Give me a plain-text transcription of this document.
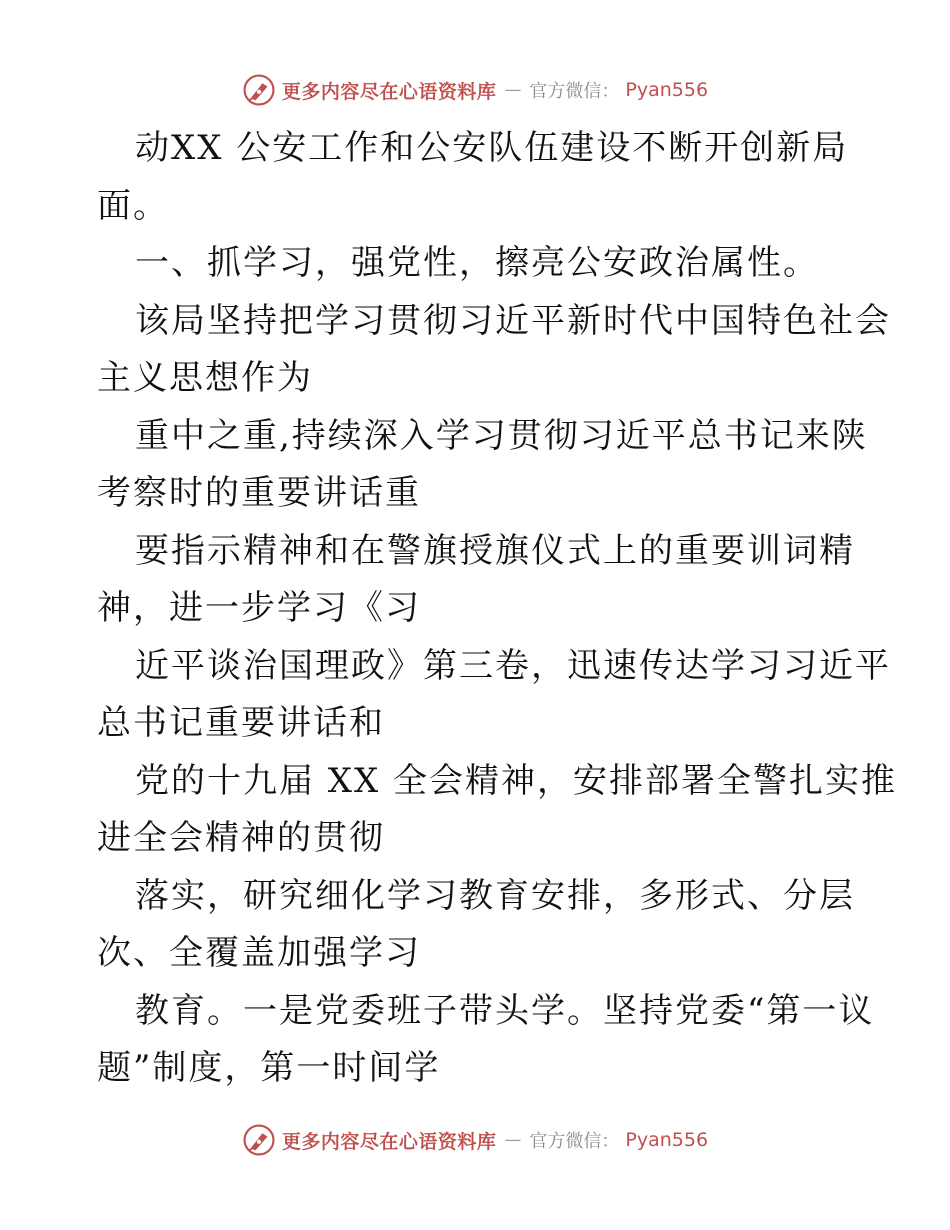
更多内容尽在心语资料库 — 官方微信： Pyan556
动XX 公安工作和公安队伍建设不断开创新局
面。
一、抓学习，强党性，擦亮公安政治属性。
该局坚持把学习贯彻习近平新时代中国特色社会
主义思想作为
重中之重,持续深入学习贯彻习近平总书记来陕
考察时的重要讲话重
要指示精神和在警旗授旗仪式上的重要训词精
神，进一步学习《习
近平谈治国理政》第三卷，迅速传达学习习近平
总书记重要讲话和
党的十九届 XX 全会精神，安排部署全警扎实推
进全会精神的贯彻
落实，研究细化学习教育安排，多形式、分层
次、全覆盖加强学习
教育。一是党委班子带头学。坚持党委“第一议
题”制度，第一时间学
更多内容尽在心语资料库 — 官方微信： Pyan556
